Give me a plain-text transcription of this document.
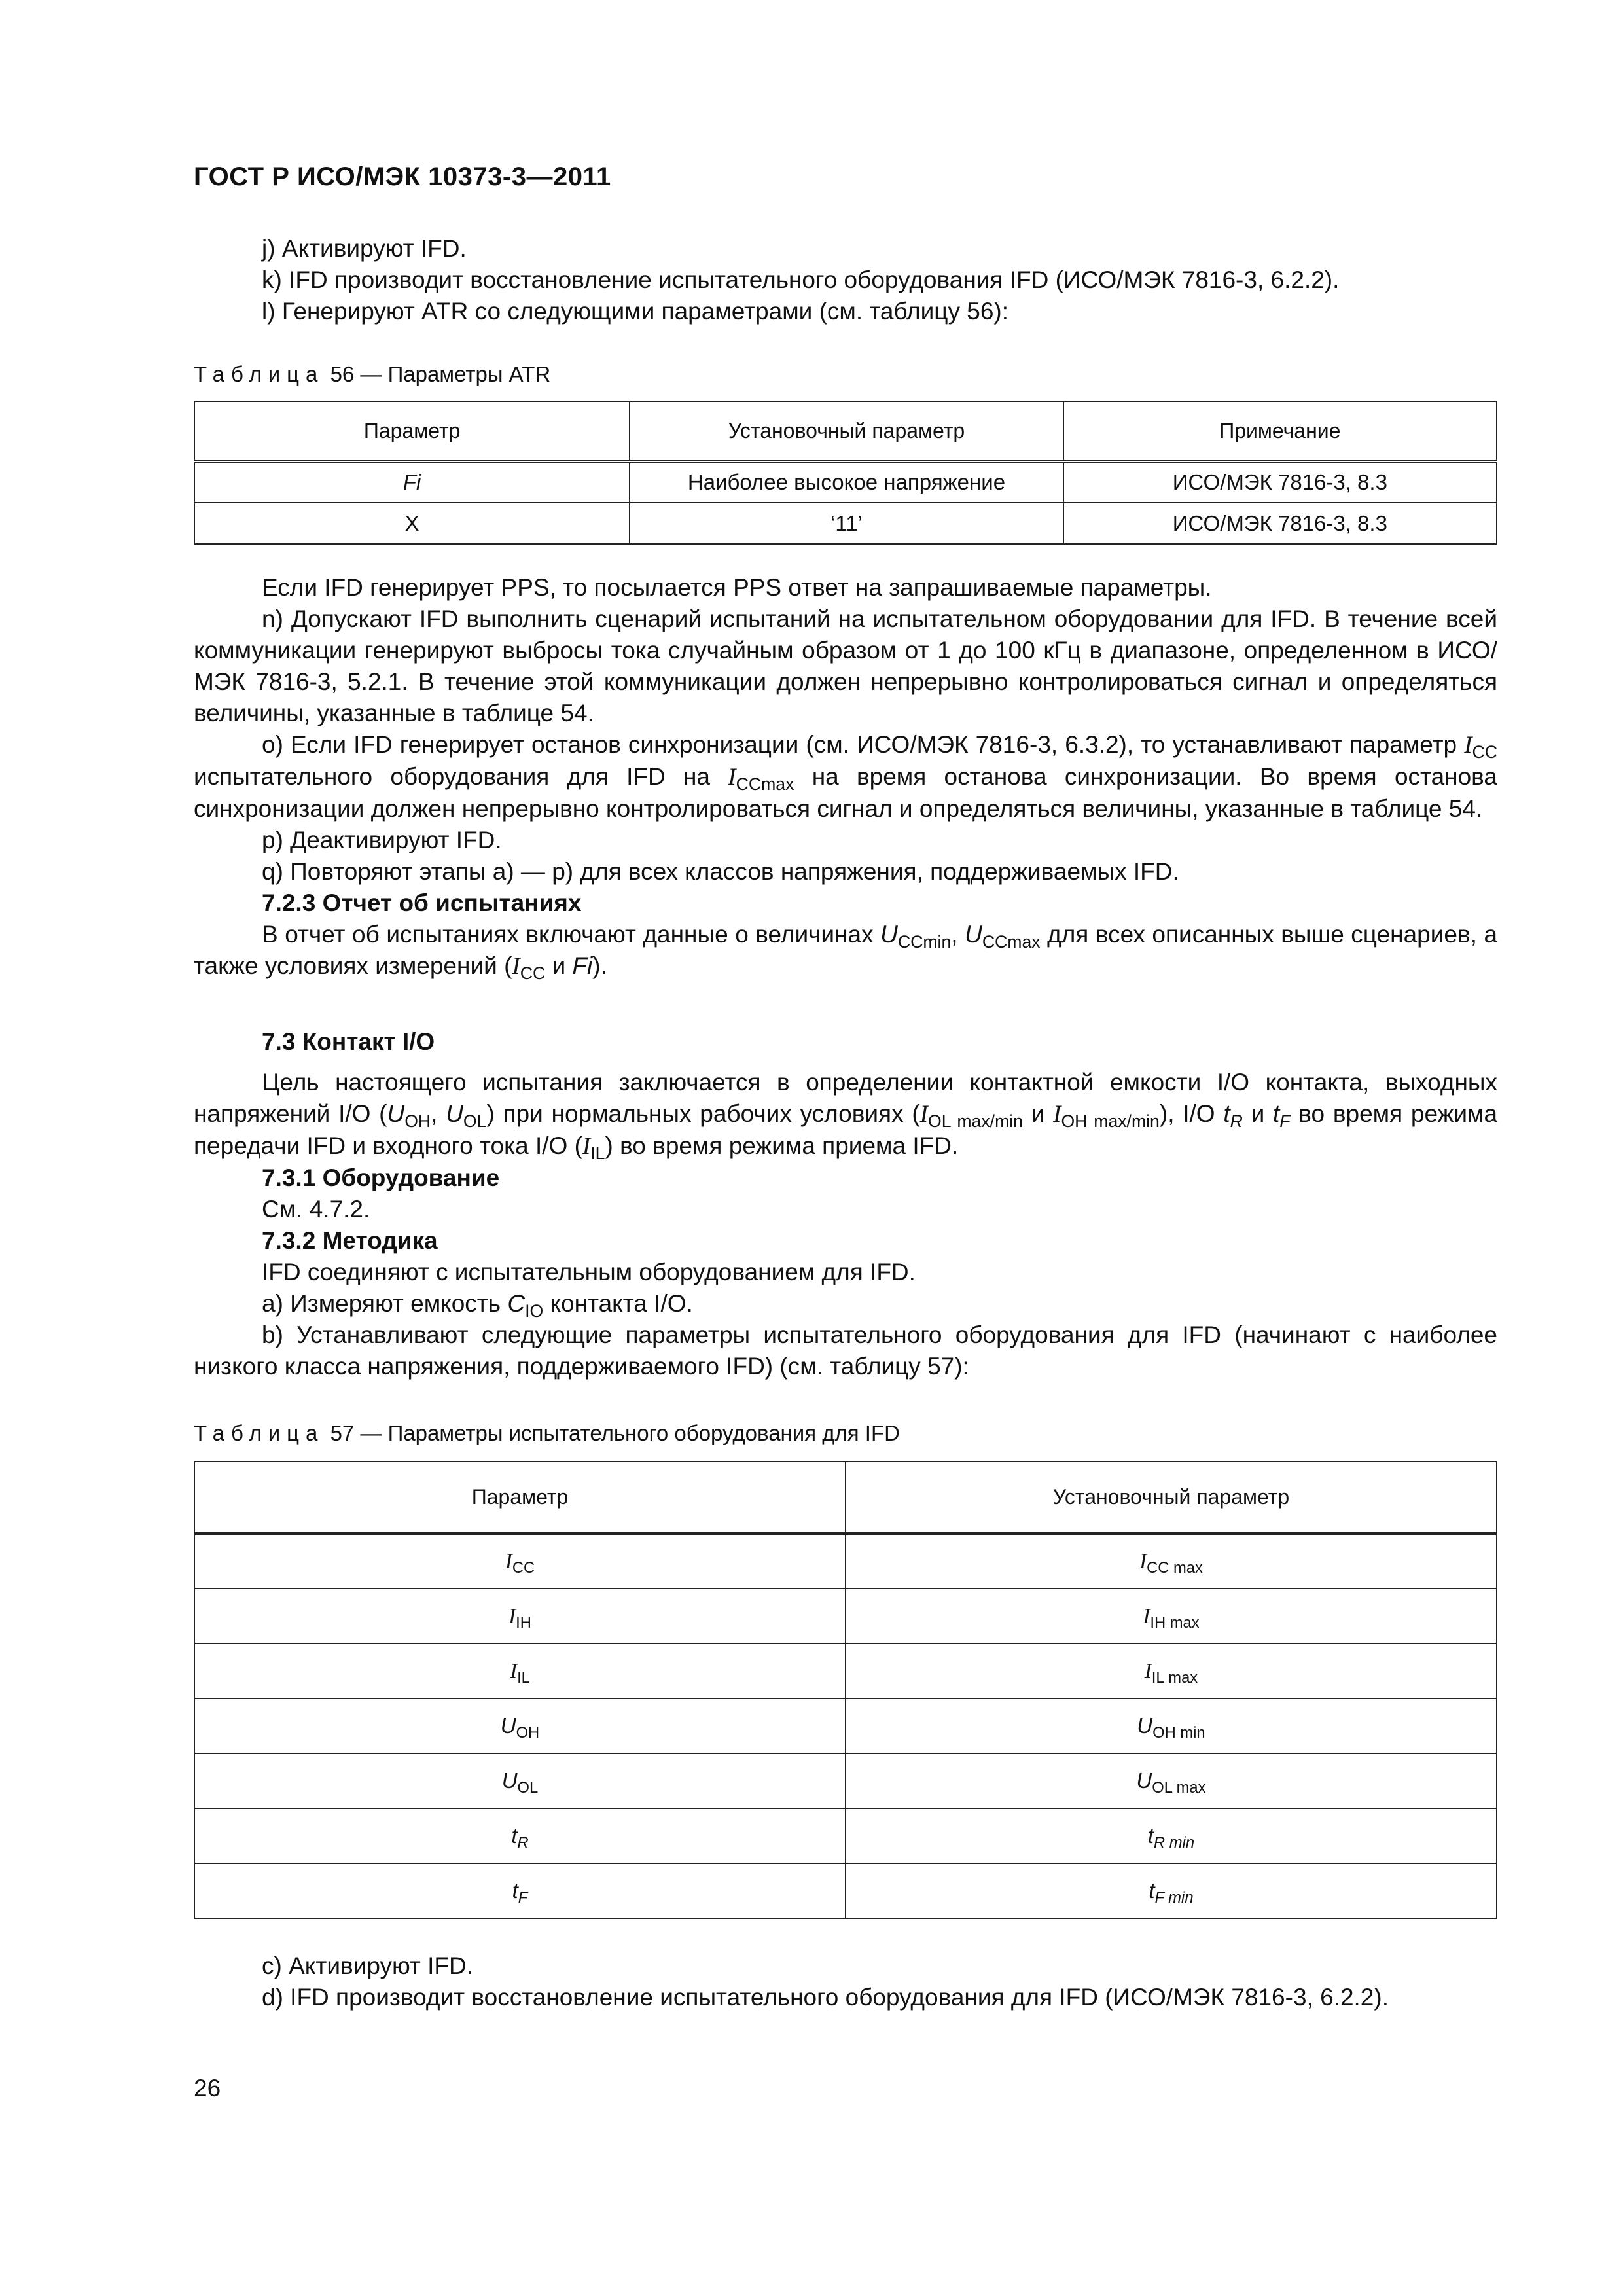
ГОСТ Р ИСО/МЭК 10373-3—2011

j) Активируют IFD.

k) IFD производит восстановление испытательного оборудования IFD (ИСО/МЭК 7816-3, 6.2.2).

l) Генерируют ATR со следующими параметрами (см. таблицу 56):

Таблица 56 — Параметры ATR
Параметр	Установочный параметр	Примечание
Fi	Наиболее высокое напряжение	ИСО/МЭК 7816-3, 8.3
X	‘11’	ИСО/МЭК 7816-3, 8.3

Если IFD генерирует PPS, то посылается PPS ответ на запрашиваемые параметры.

n) Допускают IFD выполнить сценарий испытаний на испытательном оборудовании для IFD. В течение всей коммуникации генерируют выбросы тока случайным образом от 1 до 100 кГц в диапазоне, определенном в ИСО/МЭК 7816-3, 5.2.1. В течение этой коммуникации должен непрерывно контролироваться сигнал и определяться величины, указанные в таблице 54.

о) Если IFD генерирует останов синхронизации (см. ИСО/МЭК 7816-3, 6.3.2), то устанавливают параметр $I_{CC}$ испытательного оборудования для IFD на $I_{CCmax}$ на время останова синхронизации. Во время останова синхронизации должен непрерывно контролироваться сигнал и определяться величины, указанные в таблице 54.

p) Деактивируют IFD.

q) Повторяют этапы a) — p) для всех классов напряжения, поддерживаемых IFD.

7.2.3 Отчет об испытаниях

В отчет об испытаниях включают данные о величинах $U_{CCmin}$, $U_{CCmax}$ для всех описанных выше сценариев, а также условиях измерений ($I_{CC}$ и Fi).

7.3 Контакт I/O

Цель настоящего испытания заключается в определении контактной емкости I/O контакта, выходных напряжений I/O ($U_{OH}$, $U_{OL}$) при нормальных рабочих условиях ($I_{OL max/min}$ и $I_{OH max/min}$), I/O $t_R$ и $t_F$ во время режима передачи IFD и входного тока I/O $(I_{IL})$ во время режима приема IFD.

7.3.1 Оборудование

См. 4.7.2.

7.3.2 Методика

IFD соединяют с испытательным оборудованием для IFD.

a) Измеряют емкость $C_{IO}$ контакта I/O.

b) Устанавливают следующие параметры испытательного оборудования для IFD (начинают с наиболее низкого класса напряжения, поддерживаемого IFD) (см. таблицу 57):

Таблица 57 — Параметры испытательного оборудования для IFD
Параметр	Установочный параметр
$I_{CC}$	$I_{CC max}$
$I_{IH}$	$I_{IH max}$
$I_{IL}$	$I_{IL max}$
$U_{OH}$	$U_{OH min}$
$U_{OL}$	$U_{OL max}$
$t_R$	$t_{R min}$
$t_F$	$t_{F min}$

c) Активируют IFD.

d) IFD производит восстановление испытательного оборудования для IFD (ИСО/МЭК 7816-3, 6.2.2).

26
